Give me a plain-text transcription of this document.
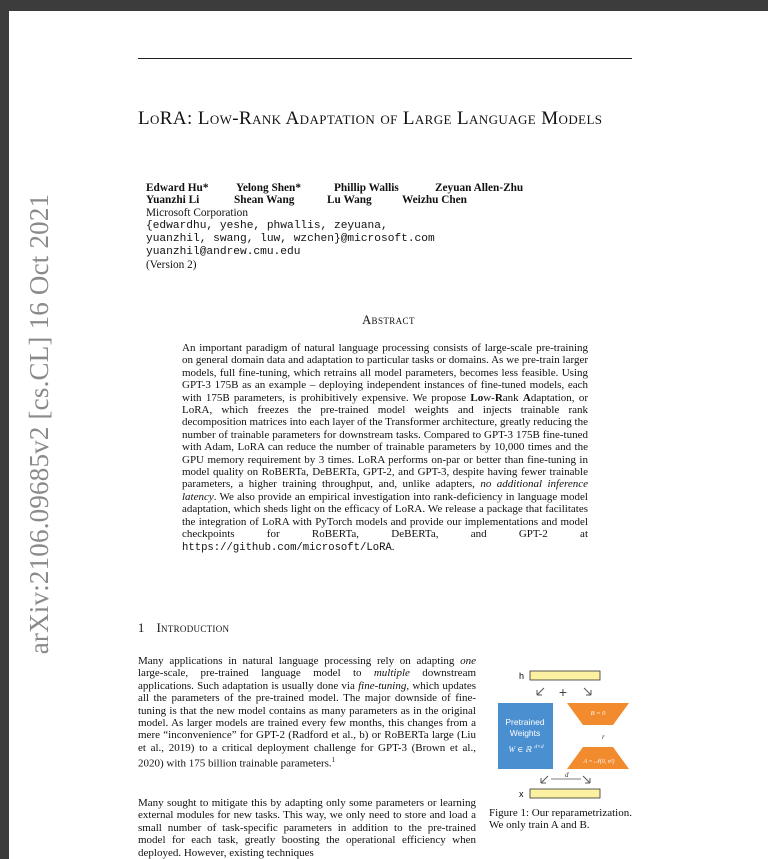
arXiv:2106.09685v2 [cs.CL] 16 Oct 2021
LoRA: Low-Rank Adaptation of Large Language Models
Edward Hu* Yelong Shen*	Phillip Wallis	Zeyuan Allen-Zhu
Yuanzhi Li	Shean Wang	Lu Wang	Weizhu Chen
Microsoft Corporation
{edwardhu, yeshe, phwallis, zeyuana,
yuanzhil, swang, luw, wzchen}@microsoft.com
yuanzhil@andrew.cmu.edu
(Version 2)
Abstract
An important paradigm of natural language processing consists of large-scale pre-training on general domain data and adaptation to particular tasks or domains. As we pre-train larger models, full fine-tuning, which retrains all model parameters, becomes less feasible. Using GPT-3 175B as an example – deploying independent instances of fine-tuned models, each with 175B parameters, is prohibitively expensive. We propose Low-Rank Adaptation, or LoRA, which freezes the pre-trained model weights and injects trainable rank decomposition matrices into each layer of the Transformer architecture, greatly reducing the number of trainable parameters for downstream tasks. Compared to GPT-3 175B fine-tuned with Adam, LoRA can reduce the number of trainable parameters by 10,000 times and the GPU memory requirement by 3 times. LoRA performs on-par or better than fine-tuning in model quality on RoBERTa, DeBERTa, GPT-2, and GPT-3, despite having fewer trainable parameters, a higher training throughput, and, unlike adapters, no additional inference latency. We also provide an empirical investigation into rank-deficiency in language model adaptation, which sheds light on the efficacy of LoRA. We release a package that facilitates the integration of LoRA with PyTorch models and provide our implementations and model checkpoints for RoBERTa, DeBERTa, and GPT-2 at https://github.com/microsoft/LoRA.
1 Introduction
Many applications in natural language processing rely on adapting one large-scale, pre-trained language model to multiple downstream applications. Such adaptation is usually done via fine-tuning, which updates all the parameters of the pre-trained model. The major downside of fine-tuning is that the new model contains as many parameters as in the original model. As larger models are trained every few months, this changes from a mere “inconvenience” for GPT-2 (Radford et al., b) or RoBERTa large (Liu et al., 2019) to a critical deployment challenge for GPT-3 (Brown et al., 2020) with 175 billion trainable parameters.$^1$
Many sought to mitigate this by adapting only some parameters or learning external modules for new tasks. This way, we only need to store and load a small number of task-specific parameters in addition to the pre-trained model for each task, greatly boosting the operational efficiency when deployed. However, existing techniques
h
+
Pretrained
Weights
W ∈ ℝ d×d
B = 0
r
A = 𝒩(0, σ²)
d
x
Figure 1: Our reparametrization. We only train A and B.
